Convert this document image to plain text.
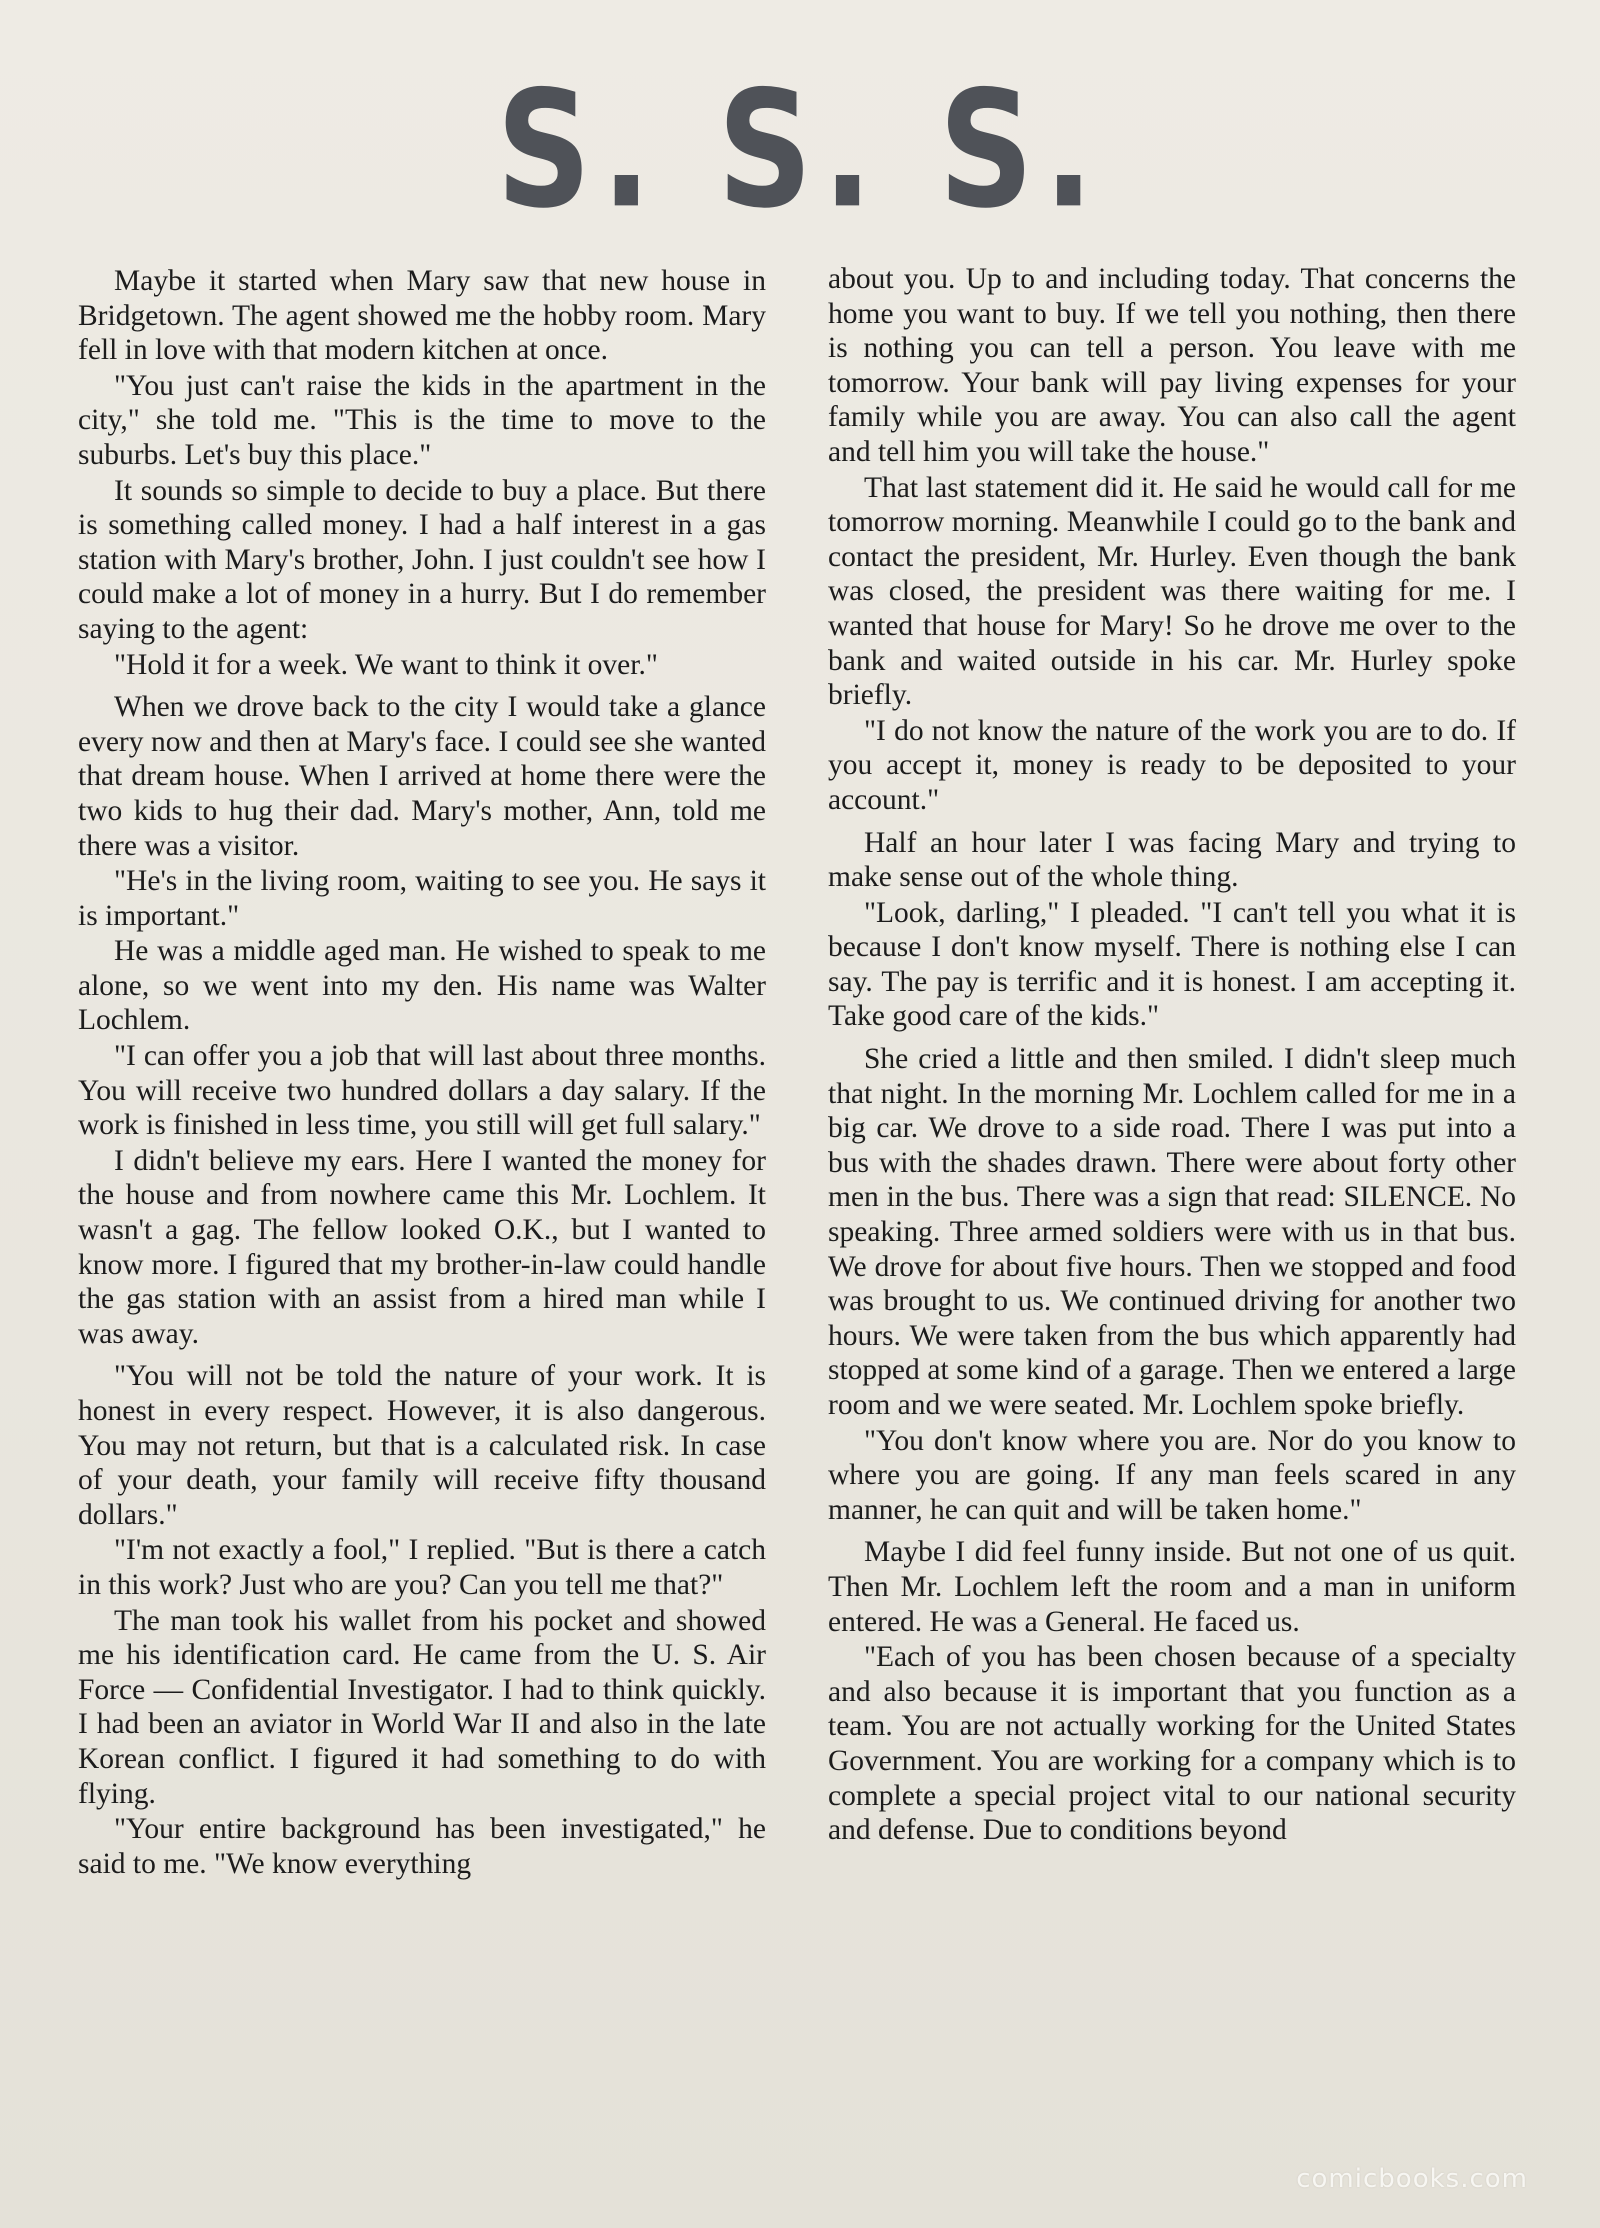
S. S. S.

Maybe it started when Mary saw that new house in Bridgetown. The agent showed me the hobby room. Mary fell in love with that modern kitchen at once.

"You just can't raise the kids in the apartment in the city," she told me. "This is the time to move to the suburbs. Let's buy this place."

It sounds so simple to decide to buy a place. But there is something called money. I had a half interest in a gas station with Mary's brother, John. I just couldn't see how I could make a lot of money in a hurry. But I do remember saying to the agent:

"Hold it for a week. We want to think it over."

When we drove back to the city I would take a glance every now and then at Mary's face. I could see she wanted that dream house. When I arrived at home there were the two kids to hug their dad. Mary's mother, Ann, told me there was a visitor.

"He's in the living room, waiting to see you. He says it is important."

He was a middle aged man. He wished to speak to me alone, so we went into my den. His name was Walter Lochlem.

"I can offer you a job that will last about three months. You will receive two hundred dollars a day salary. If the work is finished in less time, you still will get full salary."

I didn't believe my ears. Here I wanted the money for the house and from nowhere came this Mr. Lochlem. It wasn't a gag. The fellow looked O.K., but I wanted to know more. I figured that my brother-in-law could handle the gas station with an assist from a hired man while I was away.

"You will not be told the nature of your work. It is honest in every respect. However, it is also dangerous. You may not return, but that is a calculated risk. In case of your death, your family will receive fifty thousand dollars."

"I'm not exactly a fool," I replied. "But is there a catch in this work? Just who are you? Can you tell me that?"

The man took his wallet from his pocket and showed me his identification card. He came from the U. S. Air Force — Confidential Investigator. I had to think quickly. I had been an aviator in World War II and also in the late Korean conflict. I figured it had something to do with flying.

"Your entire background has been investigated," he said to me. "We know everything

about you. Up to and including today. That concerns the home you want to buy. If we tell you nothing, then there is nothing you can tell a person. You leave with me tomorrow. Your bank will pay living expenses for your family while you are away. You can also call the agent and tell him you will take the house."

That last statement did it. He said he would call for me tomorrow morning. Meanwhile I could go to the bank and contact the president, Mr. Hurley. Even though the bank was closed, the president was there waiting for me. I wanted that house for Mary! So he drove me over to the bank and waited outside in his car. Mr. Hurley spoke briefly.

"I do not know the nature of the work you are to do. If you accept it, money is ready to be deposited to your account."

Half an hour later I was facing Mary and trying to make sense out of the whole thing.

"Look, darling," I pleaded. "I can't tell you what it is because I don't know myself. There is nothing else I can say. The pay is terrific and it is honest. I am accepting it. Take good care of the kids."

She cried a little and then smiled. I didn't sleep much that night. In the morning Mr. Lochlem called for me in a big car. We drove to a side road. There I was put into a bus with the shades drawn. There were about forty other men in the bus. There was a sign that read: SILENCE. No speaking. Three armed soldiers were with us in that bus. We drove for about five hours. Then we stopped and food was brought to us. We continued driving for another two hours. We were taken from the bus which apparently had stopped at some kind of a garage. Then we entered a large room and we were seated. Mr. Lochlem spoke briefly.

"You don't know where you are. Nor do you know to where you are going. If any man feels scared in any manner, he can quit and will be taken home."

Maybe I did feel funny inside. But not one of us quit. Then Mr. Lochlem left the room and a man in uniform entered. He was a General. He faced us.

"Each of you has been chosen because of a specialty and also because it is important that you function as a team. You are not actually working for the United States Government. You are working for a company which is to complete a special project vital to our national security and defense. Due to conditions beyond

comicbooks.com
